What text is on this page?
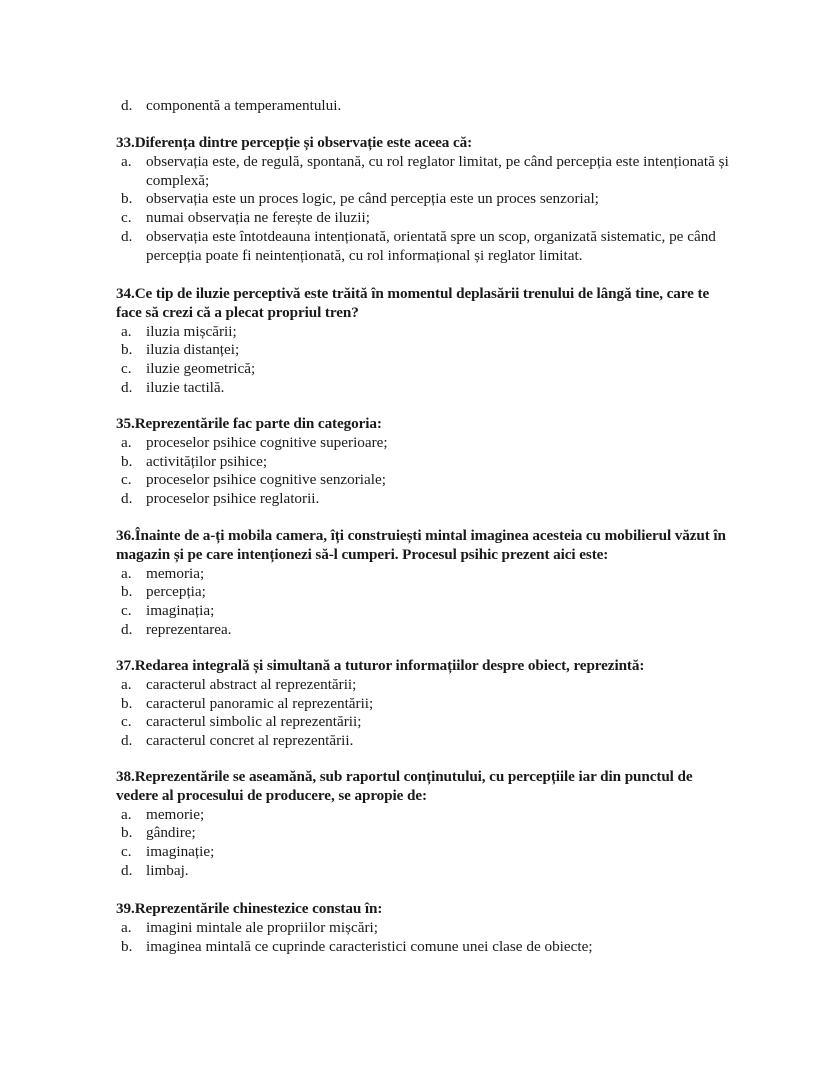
d. componentă a temperamentului.

33.Diferența dintre percepție și observație este aceea că:

a. observația este, de regulă, spontană, cu rol reglator limitat, pe când percepția este intenționată și complexă;
b. observația este un proces logic, pe când percepția este un proces senzorial;
c. numai observația ne ferește de iluzii;
d. observația este întotdeauna intenționată, orientată spre un scop, organizată sistematic, pe când percepția poate fi neintenționată, cu rol informațional și reglator limitat.

34.Ce tip de iluzie perceptivă este trăită în momentul deplasării trenului de lângă tine, care te face să crezi că a plecat propriul tren?

a. iluzia mișcării;
b. iluzia distanței;
c. iluzie geometrică;
d. iluzie tactilă.

35.Reprezentările fac parte din categoria:

a. proceselor psihice cognitive superioare;
b. activităților psihice;
c. proceselor psihice cognitive senzoriale;
d. proceselor psihice reglatorii.

36.Înainte de a-ți mobila camera, îți construiești mintal imaginea acesteia cu mobilierul văzut în magazin și pe care intenționezi să-l cumperi. Procesul psihic prezent aici este:

a. memoria;
b. percepția;
c. imaginația;
d. reprezentarea.

37.Redarea integrală și simultană a tuturor informațiilor despre obiect, reprezintă:

a. caracterul abstract al reprezentării;
b. caracterul panoramic al reprezentării;
c. caracterul simbolic al reprezentării;
d. caracterul concret al reprezentării.

38.Reprezentările se aseamănă, sub raportul conținutului, cu percepțiile iar din punctul de vedere al procesului de producere, se apropie de:

a. memorie;
b. gândire;
c. imaginație;
d. limbaj.

39.Reprezentările chinestezice constau în:

a. imagini mintale ale propriilor mișcări;
b. imaginea mintală ce cuprinde caracteristici comune unei clase de obiecte;
